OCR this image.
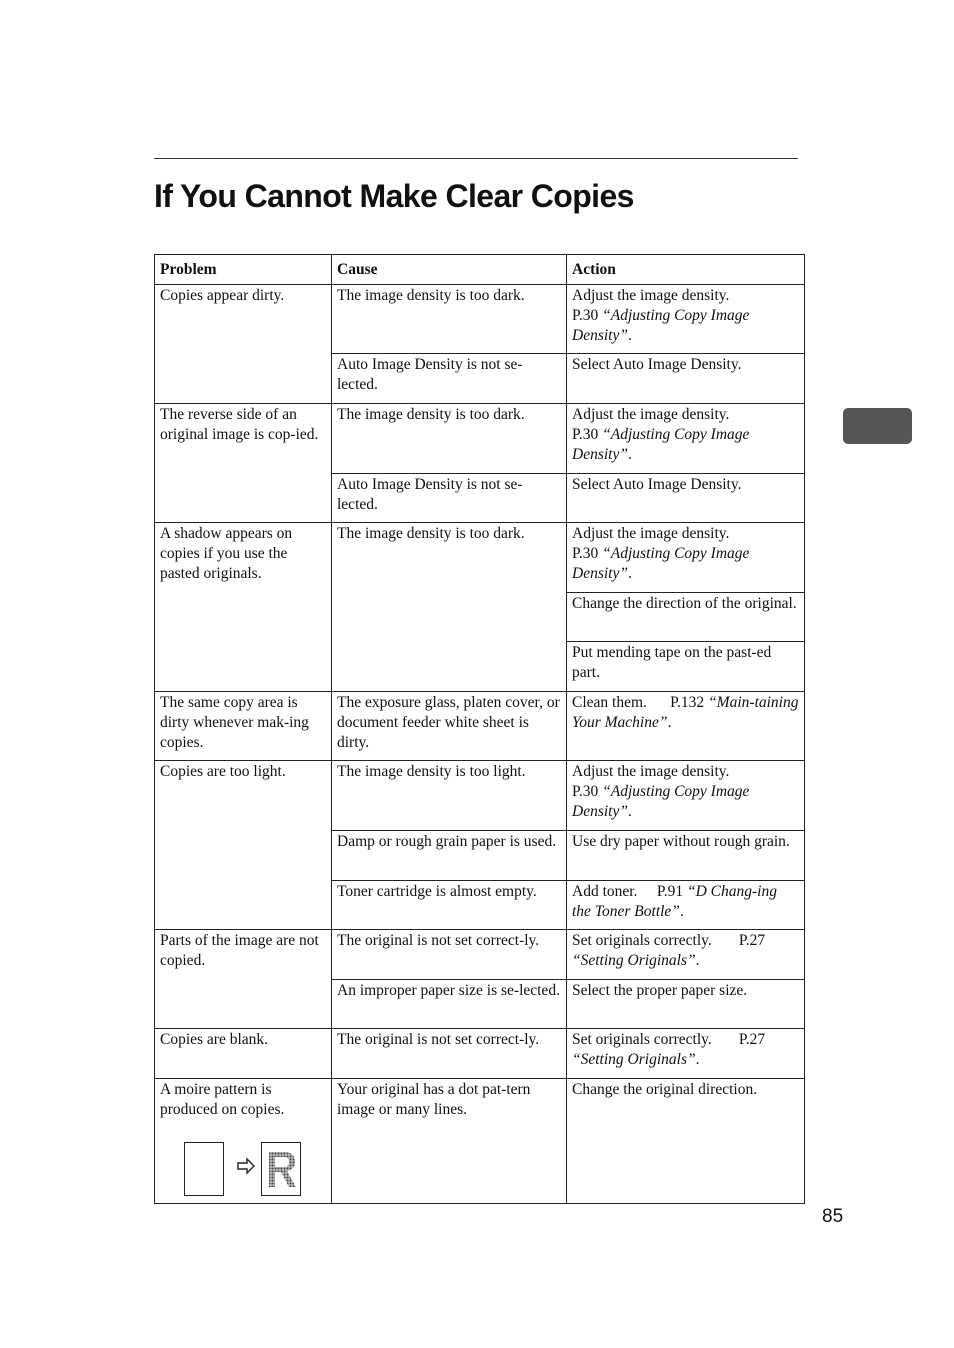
If You Cannot Make Clear Copies
Problem	Cause	Action

Copies appear dirty.	The image density is too dark.	Adjust the image density.
P.30 “Adjusting Copy Image Density”.

	Auto Image Density is not se-lected.	Select Auto Image Density.

The reverse side of an original image is cop-ied.	The image density is too dark.	Adjust the image density.
P.30 “Adjusting Copy Image Density”.

	Auto Image Density is not se-lected.	Select Auto Image Density.

A shadow appears on copies if you use the pasted originals.	The image density is too dark.	Adjust the image density.
P.30 “Adjusting Copy Image Density”.

		Change the direction of the original.

		Put mending tape on the past-ed part.

The same copy area is dirty whenever mak-ing copies.	The exposure glass, platen cover, or document feeder white sheet is dirty.	Clean them. P.132 “Main-taining Your Machine”.

Copies are too light.	The image density is too light.	Adjust the image density.
P.30 “Adjusting Copy Image Density”.

	Damp or rough grain paper is used.	Use dry paper without rough grain.

	Toner cartridge is almost empty.	Add toner. P.91 “D Chang-ing the Toner Bottle”.

Parts of the image are not copied.	The original is not set correct-ly.	Set originals correctly. P.27 “Setting Originals”.

	An improper paper size is se-lected.	Select the proper paper size.

Copies are blank.	The original is not set correct-ly.	Set originals correctly. P.27 “Setting Originals”.

A moire pattern is produced on copies.	Your original has a dot pat-tern image or many lines.	Change the original direction.
85
